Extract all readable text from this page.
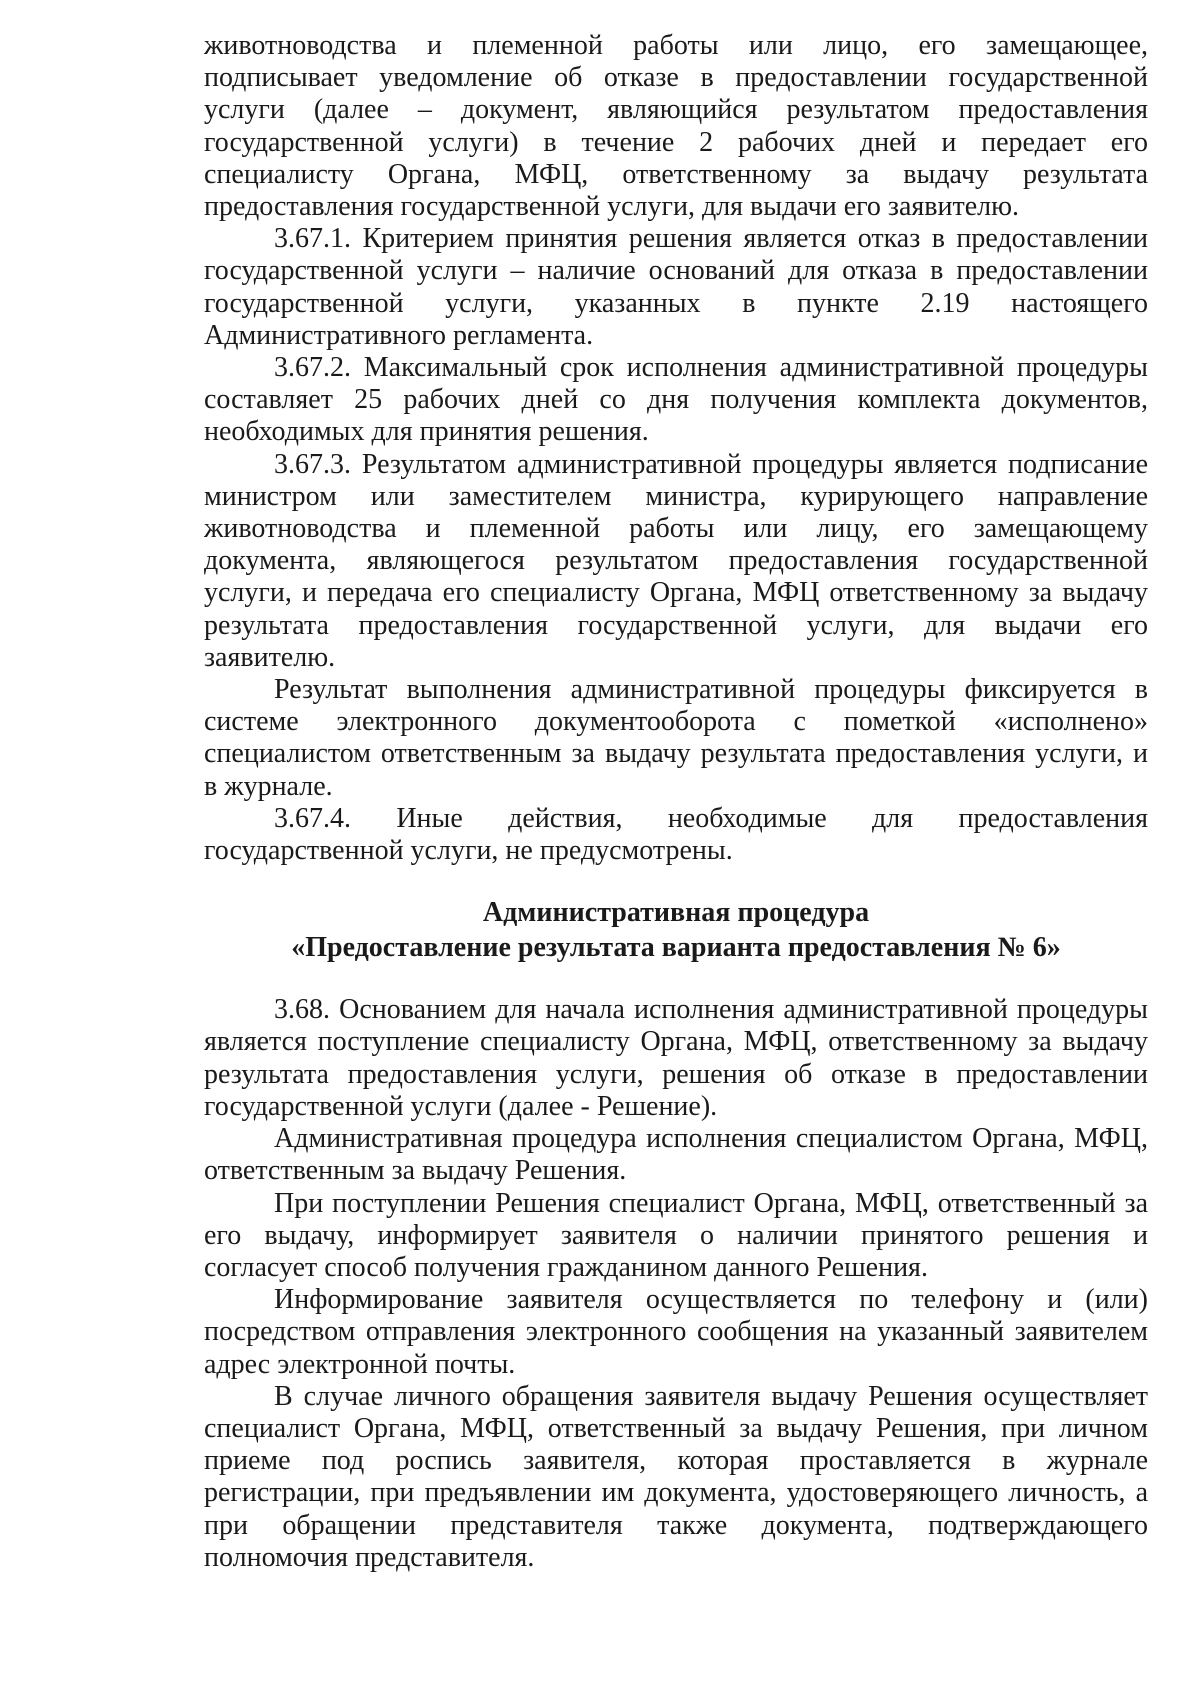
животноводства и племенной работы или лицо, его замещающее,

подписывает уведомление об отказе в предоставлении государственной

услуги (далее – документ, являющийся результатом предоставления

государственной услуги) в течение 2 рабочих дней и передает его

специалисту Органа, МФЦ, ответственному за выдачу результата

предоставления государственной услуги, для выдачи его заявителю.

3.67.1. Критерием принятия решения является отказ в предоставлении

государственной услуги – наличие оснований для отказа в предоставлении

государственной услуги, указанных в пункте 2.19 настоящего

Административного регламента.

3.67.2. Максимальный срок исполнения административной процедуры

составляет 25 рабочих дней со дня получения комплекта документов,

необходимых для принятия решения.

3.67.3. Результатом административной процедуры является подписание

министром или заместителем министра, курирующего направление

животноводства и племенной работы или лицу, его замещающему

документа, являющегося результатом предоставления государственной

услуги, и передача его специалисту Органа, МФЦ ответственному за выдачу

результата предоставления государственной услуги, для выдачи его

заявителю.

Результат выполнения административной процедуры фиксируется в

системе электронного документооборота с пометкой «исполнено»

специалистом ответственным за выдачу результата предоставления услуги, и

в журнале.

3.67.4. Иные действия, необходимые для предоставления

государственной услуги, не предусмотрены.

Административная процедура
«Предоставление результата варианта предоставления № 6»

3.68. Основанием для начала исполнения административной процедуры

является поступление специалисту Органа, МФЦ, ответственному за выдачу

результата предоставления услуги, решения об отказе в предоставлении

государственной услуги (далее - Решение).

Административная процедура исполнения специалистом Органа, МФЦ,

ответственным за выдачу Решения.

При поступлении Решения специалист Органа, МФЦ, ответственный за

его выдачу, информирует заявителя о наличии принятого решения и

согласует способ получения гражданином данного Решения.

Информирование заявителя осуществляется по телефону и (или)

посредством отправления электронного сообщения на указанный заявителем

адрес электронной почты.

В случае личного обращения заявителя выдачу Решения осуществляет

специалист Органа, МФЦ, ответственный за выдачу Решения, при личном

приеме под роспись заявителя, которая проставляется в журнале

регистрации, при предъявлении им документа, удостоверяющего личность, а

при обращении представителя также документа, подтверждающего

полномочия представителя.
